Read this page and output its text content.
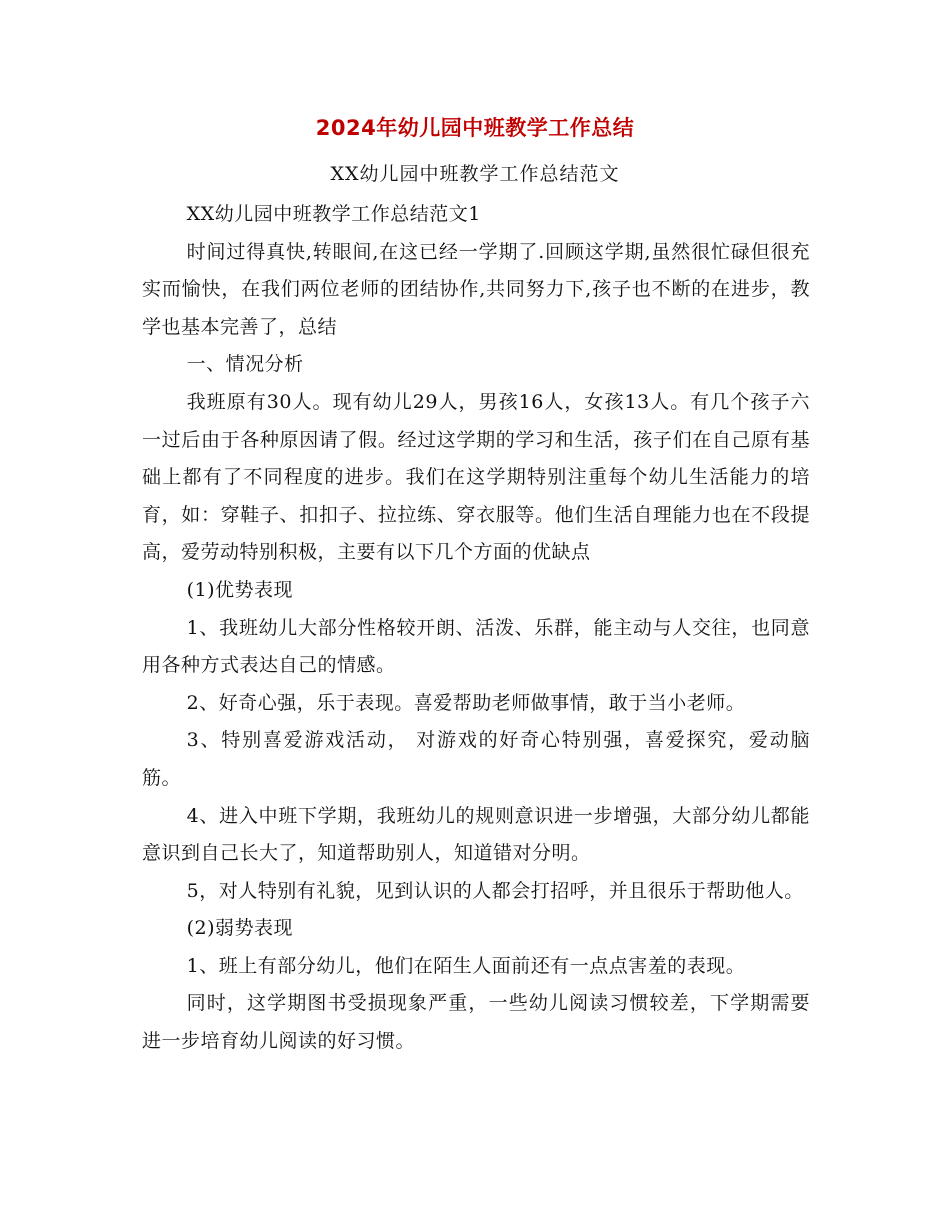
2024年幼儿园中班教学工作总结
XX幼儿园中班教学工作总结范文

XX幼儿园中班教学工作总结范文1

时间过得真快,转眼间,在这已经一学期了.回顾这学期,虽然很忙碌但很充实而愉快，在我们两位老师的团结协作,共同努力下,孩子也不断的在进步，教学也基本完善了，总结

一、情况分析

我班原有30人。现有幼儿29人，男孩16人，女孩13人。有几个孩子六一过后由于各种原因请了假。经过这学期的学习和生活，孩子们在自己原有基础上都有了不同程度的进步。我们在这学期特别注重每个幼儿生活能力的培育，如：穿鞋子、扣扣子、拉拉练、穿衣服等。他们生活自理能力也在不段提高，爱劳动特别积极，主要有以下几个方面的优缺点

(1)优势表现

1、我班幼儿大部分性格较开朗、活泼、乐群，能主动与人交往，也同意用各种方式表达自己的情感。

2、好奇心强，乐于表现。喜爱帮助老师做事情，敢于当小老师。

3、特别喜爱游戏活动， 对游戏的好奇心特别强，喜爱探究，爱动脑筋。

4、进入中班下学期，我班幼儿的规则意识进一步增强，大部分幼儿都能意识到自己长大了，知道帮助别人，知道错对分明。

5，对人特别有礼貌，见到认识的人都会打招呼，并且很乐于帮助他人。

(2)弱势表现

1、班上有部分幼儿，他们在陌生人面前还有一点点害羞的表现。

同时，这学期图书受损现象严重，一些幼儿阅读习惯较差，下学期需要进一步培育幼儿阅读的好习惯。
